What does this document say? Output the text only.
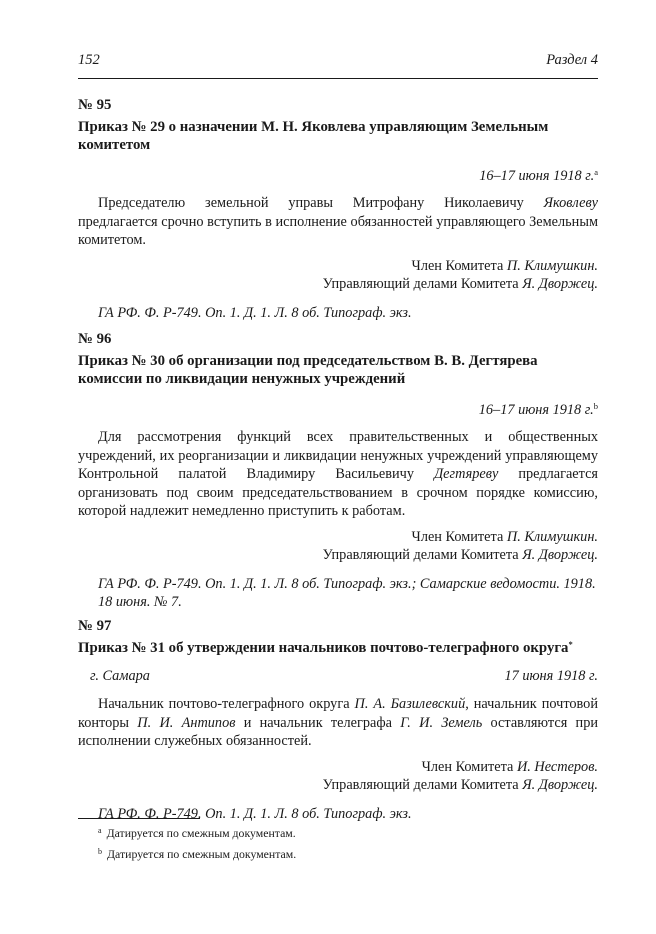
152	Раздел 4

№ 95

Приказ № 29 о назначении М. Н. Яковлева управляющим Земельным комитетом

16–17 июня 1918 г.$^a$

Председателю земельной управы Митрофану Николаевичу Яковлеву предлагается срочно вступить в исполнение обязанностей управляющего Земельным комитетом.

Член Комитета П. Климушкин.
Управляющий делами Комитета Я. Дворжец.

ГА РФ. Ф. Р-749. Оп. 1. Д. 1. Л. 8 об. Типограф. экз.

№ 96

Приказ № 30 об организации под председательством В. В. Дегтярева комиссии по ликвидации ненужных учреждений

16–17 июня 1918 г.$^b$

Для рассмотрения функций всех правительственных и общественных учреждений, их реорганизации и ликвидации ненужных учреждений управляющему Контрольной палатой Владимиру Васильевичу Дегтяреву предлагается организовать под своим председательствованием в срочном порядке комиссию, которой надлежит немедленно приступить к работам.

Член Комитета П. Климушкин.
Управляющий делами Комитета Я. Дворжец.

ГА РФ. Ф. Р-749. Оп. 1. Д. 1. Л. 8 об. Типограф. экз.; Самарские ведомости. 1918. 18 июня. № 7.

№ 97

Приказ № 31 об утверждении начальников почтово-телеграфного округа*

г. Самара	17 июня 1918 г.

Начальник почтово-телеграфного округа П. А. Базилевский, начальник почтовой конторы П. И. Антипов и начальник телеграфа Г. И. Земель оставляются при исполнении служебных обязанностей.

Член Комитета И. Нестеров.
Управляющий делами Комитета Я. Дворжец.

ГА РФ. Ф. Р-749. Оп. 1. Д. 1. Л. 8 об. Типограф. экз.

$^a$ Датируется по смежным документам.
$^b$ Датируется по смежным документам.
